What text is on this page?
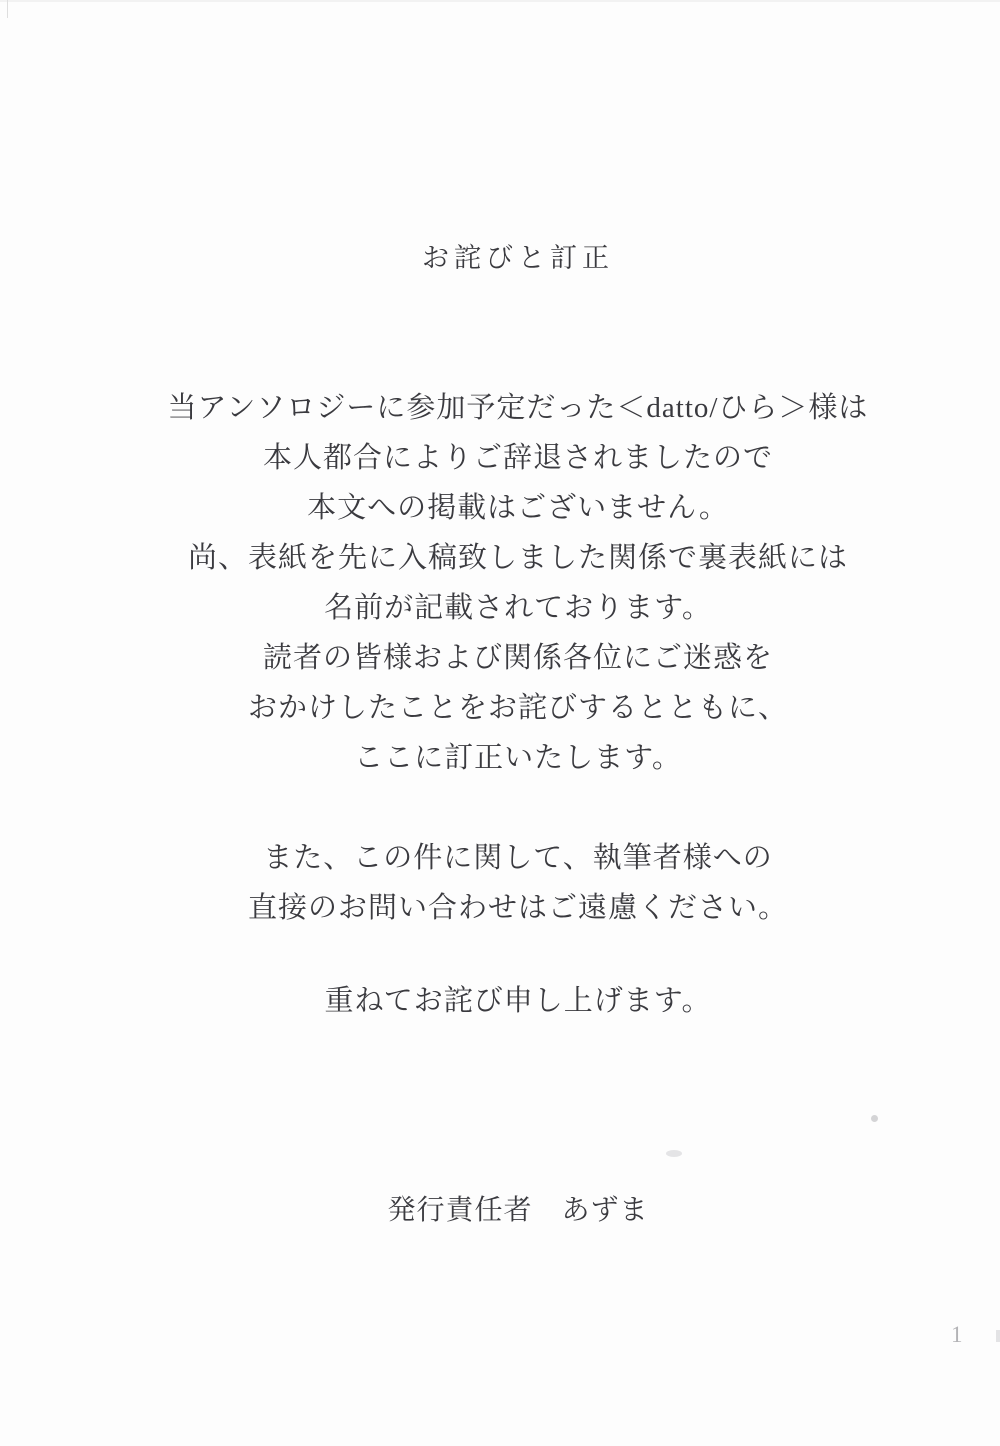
お詫びと訂正
当アンソロジーに参加予定だった＜datto/ひら＞様は
本人都合によりご辞退されましたので
本文への掲載はございません。
尚、表紙を先に入稿致しました関係で裏表紙には
名前が記載されております。
読者の皆様および関係各位にご迷惑を
おかけしたことをお詫びするとともに、
ここに訂正いたします。
また、この件に関して、執筆者様への
直接のお問い合わせはご遠慮ください。
重ねてお詫び申し上げます。
発行責任者　あずま
1
